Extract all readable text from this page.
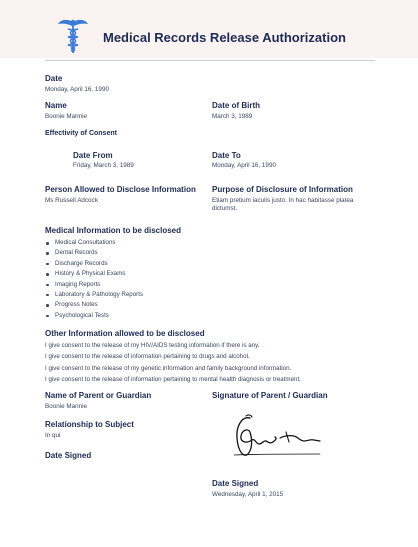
Medical Records Release Authorization
Date
Monday, April 16, 1990
Name
Boonie Mannie
Date of Birth
March 3, 1989
Effectivity of Consent
Date From
Friday, March 3, 1989
Date To
Monday, April 16, 1990
Person Allowed to Disclose Information
Ms Russell Adcock
Purpose of Disclosure of Information
Etiam pretium iaculis justo. In hac habitasse platea dictumst.
Medical Information to be disclosed
Medical Consultations
Dental Records
Discharge Records
History & Physical Exams
Imaging Reports
Laboratory & Pathology Reports
Progress Notes
Psychological Tests
Other Information allowed to be disclosed
I give consent to the release of my HIV/AIDS testing information if there is any.
I give consent to the release of information pertaining to drugs and alcohol.
I give consent to the release of my genetic information and family background information.
I give consent to the release of information pertaining to mental health diagnosis or treatment.
Name of Parent or Guardian
Boonie Mannie
Signature of Parent / Guardian
Relationship to Subject
In qui
Date Signed
Date Signed
Wednesday, April 1, 2015
